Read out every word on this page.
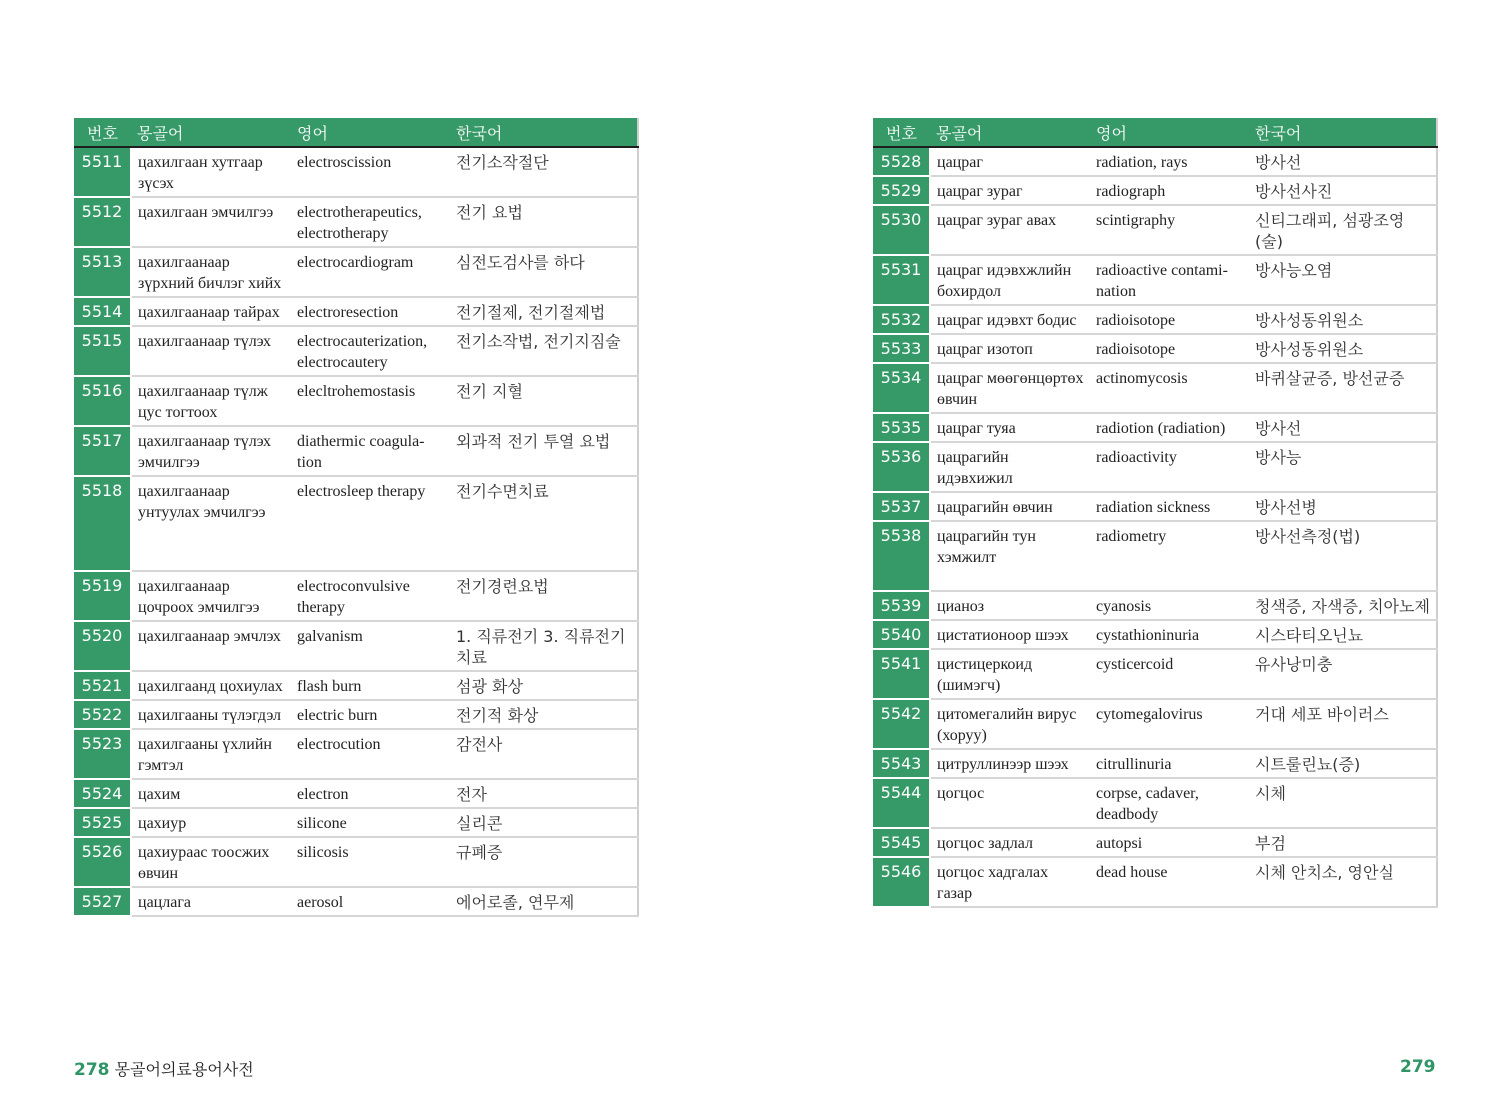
번호	몽골어	영어	한국어
5511	цахилгаан хутгаар зүсэх	electroscission	전기소작절단
5512	цахилгаан эмчилгээ	electrotherapeutics, electrotherapy	전기 요법
5513	цахилгаанаар зүрхний бичлэг хийх	electrocardiogram	심전도검사를 하다
5514	цахилгаанаар тайрах	electroresection	전기절제, 전기절제법
5515	цахилгаанаар түлэх	electrocauterization, electrocautery	전기소작법, 전기지짐술
5516	цахилгаанаар түлж цус тогтоох	elecltrohemostasis	전기 지혈
5517	цахилгаанаар түлэх эмчилгээ	diathermic coagula-tion	외과적 전기 투열 요법
5518	цахилгаанаар унтуулах эмчилгээ	electrosleep therapy	전기수면치료
5519	цахилгаанаар цочроох эмчилгээ	electroconvulsive therapy	전기경련요법
5520	цахилгаанаар эмчлэх	galvanism	1. 직류전기 3. 직류전기치료
5521	цахилгаанд цохиулах	flash burn	섬광 화상
5522	цахилгааны түлэгдэл	electric burn	전기적 화상
5523	цахилгааны үхлийн гэмтэл	electrocution	감전사
5524	цахим	electron	전자
5525	цахиур	silicone	실리콘
5526	цахиураас тоосжих өвчин	silicosis	규폐증
5527	цацлага	aerosol	에어로졸, 연무제
번호	몽골어	영어	한국어
5528	цацраг	radiation, rays	방사선
5529	цацраг зураг	radiograph	방사선사진
5530	цацраг зураг авах	scintigraphy	신티그래피, 섬광조영(술)
5531	цацраг идэвхжлийн бохирдол	radioactive contami-nation	방사능오염
5532	цацраг идэвхт бодис	radioisotope	방사성동위원소
5533	цацраг изотоп	radioisotope	방사성동위원소
5534	цацраг мөөгөнцөртөх өвчин	actinomycosis	바퀴살균증, 방선균증
5535	цацраг туяа	radiotion (radiation)	방사선
5536	цацрагийн идэвхижил	radioactivity	방사능
5537	цацрагийн өвчин	radiation sickness	방사선병
5538	цацрагийн тун хэмжилт	radiometry	방사선측정(법)
5539	цианоз	cyanosis	청색증, 자색증, 치아노제
5540	цистатионоор шээх	cystathioninuria	시스타티오닌뇨
5541	цистицеркоид (шимэгч)	cysticercoid	유사낭미충
5542	цитомегалийн вирус (хоруу)	cytomegalovirus	거대 세포 바이러스
5543	цитруллинээр шээх	citrullinuria	시트룰린뇨(증)
5544	цогцос	corpse, cadaver, deadbody	시체
5545	цогцос задлал	autopsi	부검
5546	цогцос хадгалах газар	dead house	시체 안치소, 영안실
278 몽골어의료용어사전	279
